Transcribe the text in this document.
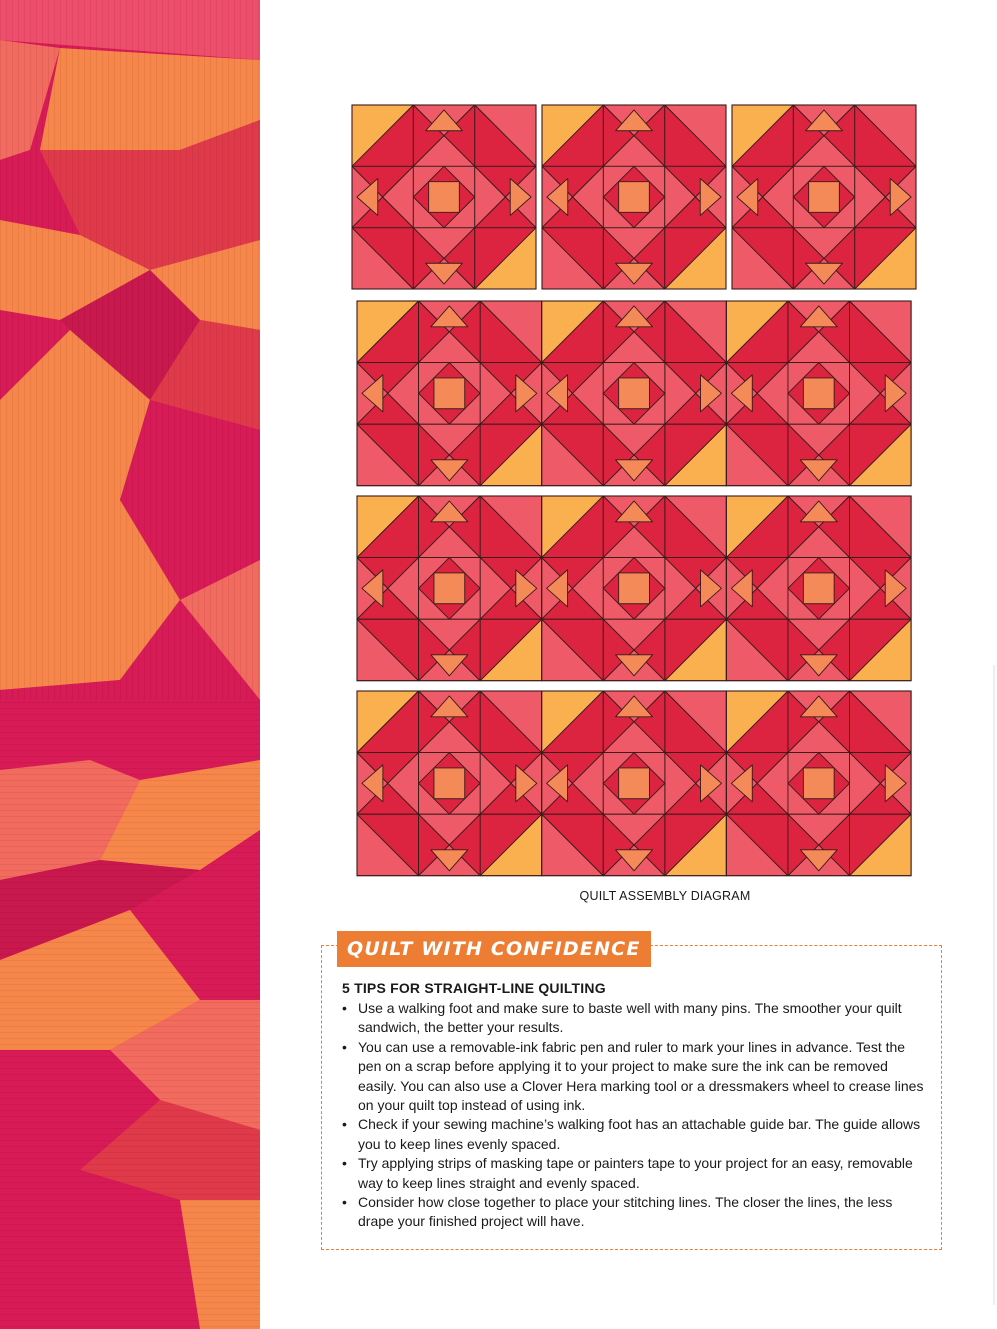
QUILT ASSEMBLY DIAGRAM
QUILT WITH CONFIDENCE
5 TIPS FOR STRAIGHT-LINE QUILTING
• Use a walking foot and make sure to baste well with many pins. The smoother your quilt sandwich, the better your results.
• You can use a removable-ink fabric pen and ruler to mark your lines in advance. Test the pen on a scrap before applying it to your project to make sure the ink can be removed easily. You can also use a Clover Hera marking tool or a dressmakers wheel to crease lines on your quilt top instead of using ink.
• Check if your sewing machine’s walking foot has an attachable guide bar. The guide allows you to keep lines evenly spaced.
• Try applying strips of masking tape or painters tape to your project for an easy, removable way to keep lines straight and evenly spaced.
• Consider how close together to place your stitching lines. The closer the lines, the less drape your finished project will have.
